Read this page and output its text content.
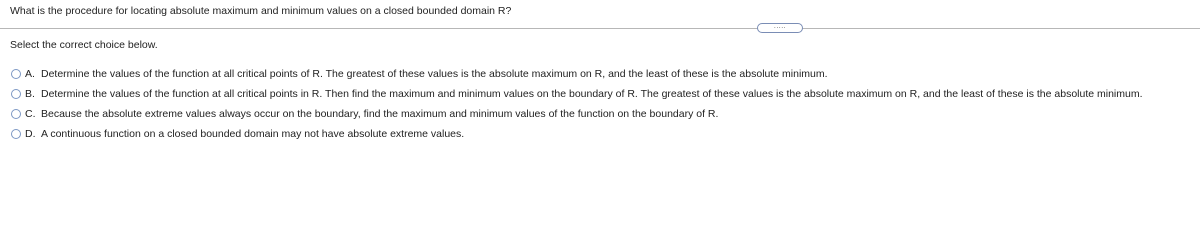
What is the procedure for locating absolute maximum and minimum values on a closed bounded domain R?
.....
Select the correct choice below.
A. Determine the values of the function at all critical points of R. The greatest of these values is the absolute maximum on R, and the least of these is the absolute minimum.
B. Determine the values of the function at all critical points in R. Then find the maximum and minimum values on the boundary of R. The greatest of these values is the absolute maximum on R, and the least of these is the absolute minimum.
C. Because the absolute extreme values always occur on the boundary, find the maximum and minimum values of the function on the boundary of R.
D. A continuous function on a closed bounded domain may not have absolute extreme values.
